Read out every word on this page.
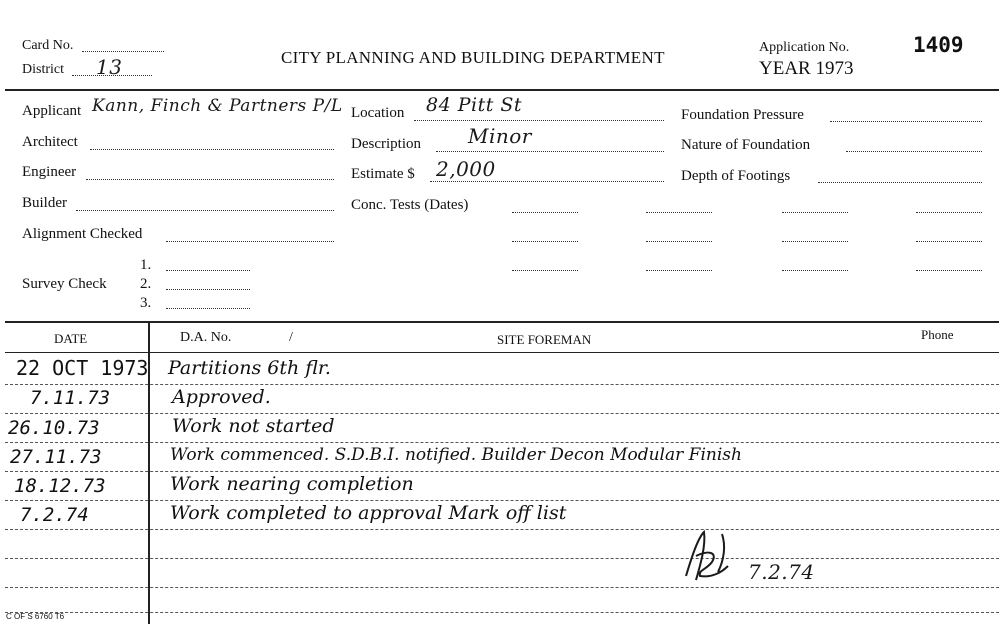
Card No.
District 13	CITY PLANNING AND BUILDING DEPARTMENT
Application No.
YEAR 1973
1409
Applicant Kann, Finch & Partners P/L
Architect
Engineer
Builder
Alignment Checked
Survey Check
1.
2.
3.
Location 84 Pitt St
Description Minor
Estimate $ 2,000
Conc. Tests (Dates)
Foundation Pressure
Nature of Foundation
Depth of Footings
DATE	D.A. No.	/	SITE FOREMAN	Phone
22 OCT 1973 Partitions 6th flr.
7.11.73	Approved.
26.10.73	Work not started
27.11.73	Work commenced. S.D.B.I. notified. Builder Decon Modular Finish
18.12.73	Work nearing completion
7.2.74	Work completed to approval Mark off list
7.2.74
C OF S 6760 T6
